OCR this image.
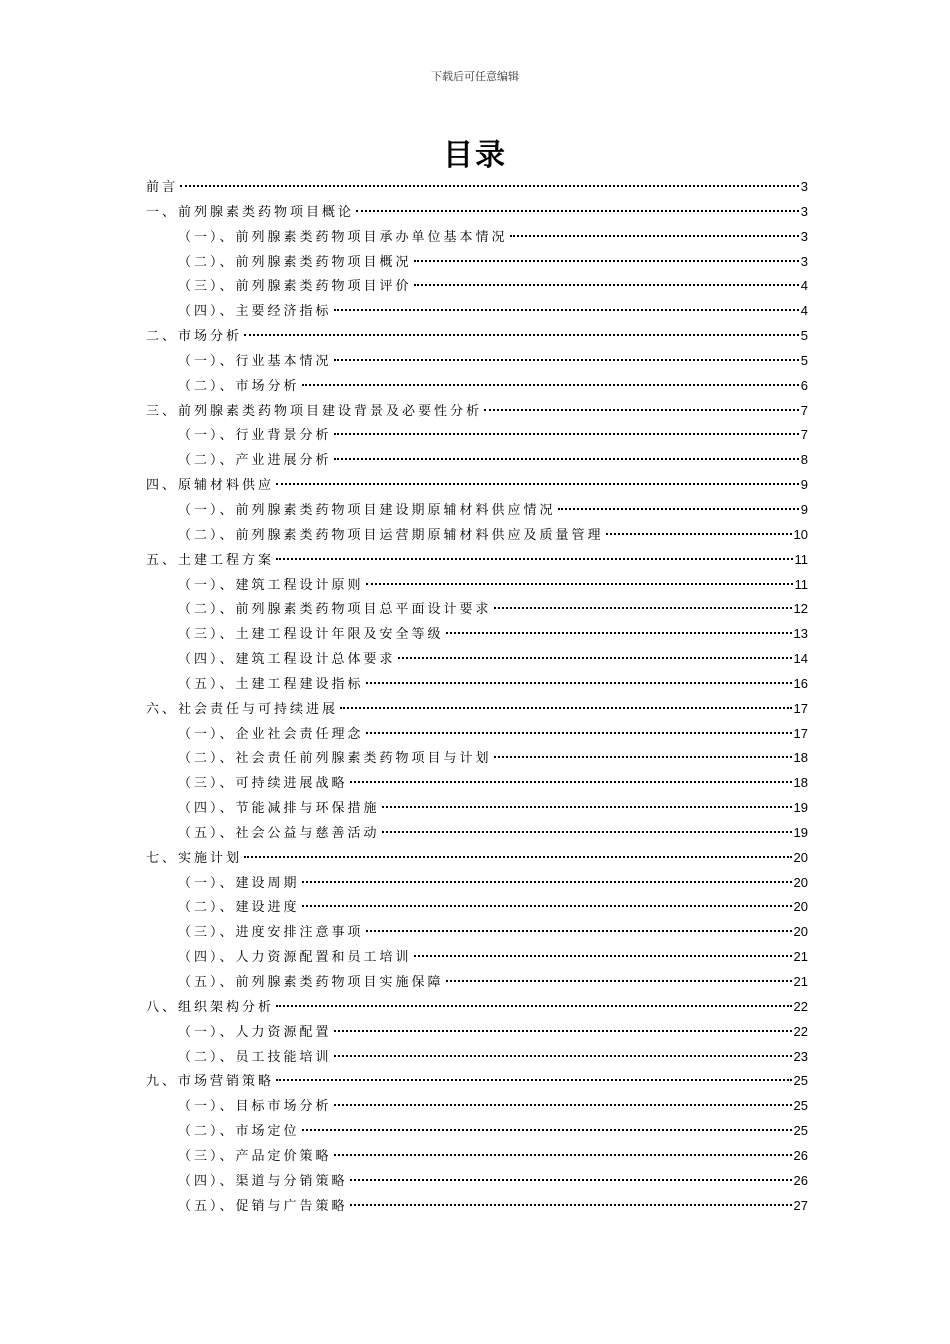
下载后可任意编辑
目录
前言	3
一、前列腺素类药物项目概论	3
（一）、前列腺素类药物项目承办单位基本情况	3
（二）、前列腺素类药物项目概况	3
（三）、前列腺素类药物项目评价	4
（四）、主要经济指标	4
二、市场分析	5
（一）、行业基本情况	5
（二）、市场分析	6
三、前列腺素类药物项目建设背景及必要性分析	7
（一）、行业背景分析	7
（二）、产业进展分析	8
四、原辅材料供应	9
（一）、前列腺素类药物项目建设期原辅材料供应情况	9
（二）、前列腺素类药物项目运营期原辅材料供应及质量管理	10
五、土建工程方案	11
（一）、建筑工程设计原则	11
（二）、前列腺素类药物项目总平面设计要求	12
（三）、土建工程设计年限及安全等级	13
（四）、建筑工程设计总体要求	14
（五）、土建工程建设指标	16
六、社会责任与可持续进展	17
（一）、企业社会责任理念	17
（二）、社会责任前列腺素类药物项目与计划	18
（三）、可持续进展战略	18
（四）、节能减排与环保措施	19
（五）、社会公益与慈善活动	19
七、实施计划	20
（一）、建设周期	20
（二）、建设进度	20
（三）、进度安排注意事项	20
（四）、人力资源配置和员工培训	21
（五）、前列腺素类药物项目实施保障	21
八、组织架构分析	22
（一）、人力资源配置	22
（二）、员工技能培训	23
九、市场营销策略	25
（一）、目标市场分析	25
（二）、市场定位	25
（三）、产品定价策略	26
（四）、渠道与分销策略	26
（五）、促销与广告策略	27
